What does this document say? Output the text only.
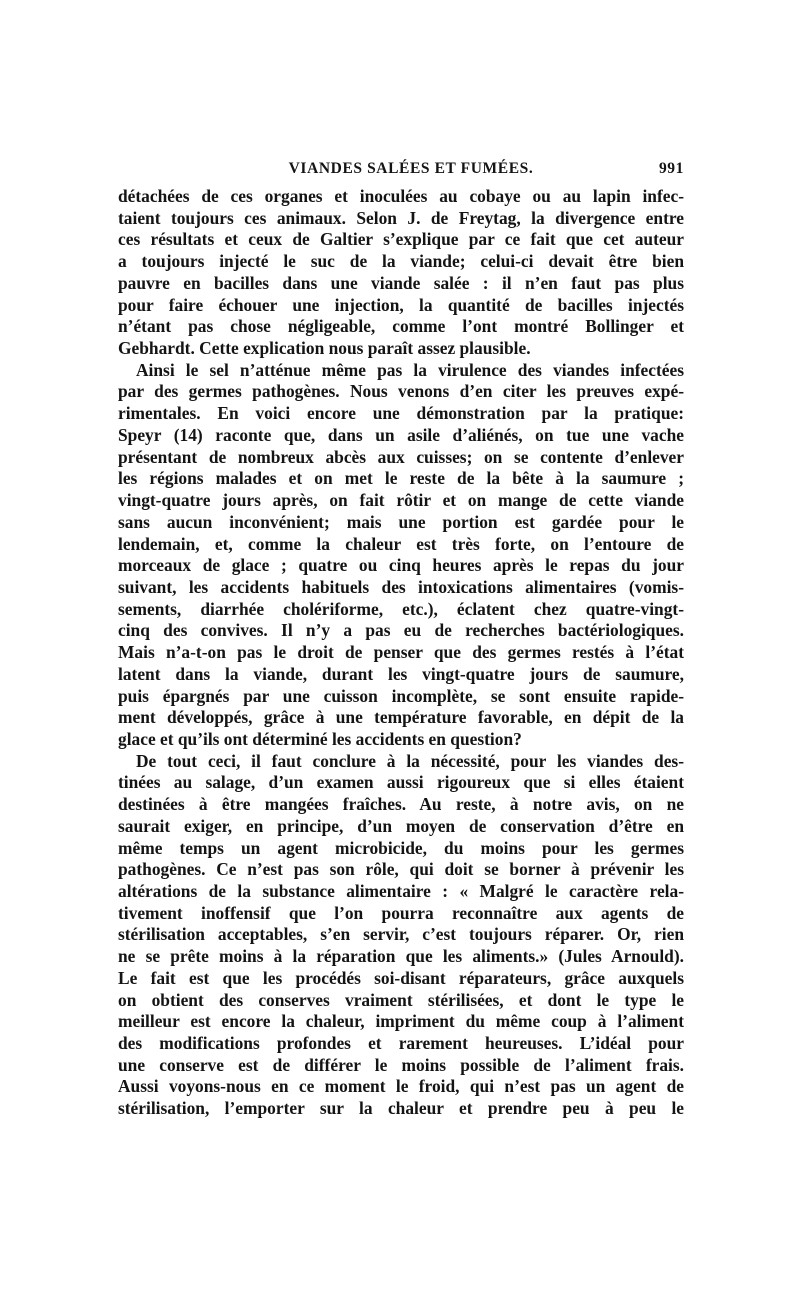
VIANDES SALÉES ET FUMÉES.	991
détachées de ces organes et inoculées au cobaye ou au lapin infec-
taient toujours ces animaux. Selon J. de Freytag, la divergence entre
ces résultats et ceux de Galtier s’explique par ce fait que cet auteur
a toujours injecté le suc de la viande; celui-ci devait être bien
pauvre en bacilles dans une viande salée : il n’en faut pas plus
pour faire échouer une injection, la quantité de bacilles injectés
n’étant pas chose négligeable, comme l’ont montré Bollinger et
Gebhardt. Cette explication nous paraît assez plausible.
Ainsi le sel n’atténue même pas la virulence des viandes infectées
par des germes pathogènes. Nous venons d’en citer les preuves expé-
rimentales. En voici encore une démonstration par la pratique:
Speyr (14) raconte que, dans un asile d’aliénés, on tue une vache
présentant de nombreux abcès aux cuisses; on se contente d’enlever
les régions malades et on met le reste de la bête à la saumure ;
vingt-quatre jours après, on fait rôtir et on mange de cette viande
sans aucun inconvénient; mais une portion est gardée pour le
lendemain, et, comme la chaleur est très forte, on l’entoure de
morceaux de glace ; quatre ou cinq heures après le repas du jour
suivant, les accidents habituels des intoxications alimentaires (vomis-
sements, diarrhée cholériforme, etc.), éclatent chez quatre-vingt-
cinq des convives. Il n’y a pas eu de recherches bactériologiques.
Mais n’a-t-on pas le droit de penser que des germes restés à l’état
latent dans la viande, durant les vingt-quatre jours de saumure,
puis épargnés par une cuisson incomplète, se sont ensuite rapide-
ment développés, grâce à une température favorable, en dépit de la
glace et qu’ils ont déterminé les accidents en question?
De tout ceci, il faut conclure à la nécessité, pour les viandes des-
tinées au salage, d’un examen aussi rigoureux que si elles étaient
destinées à être mangées fraîches. Au reste, à notre avis, on ne
saurait exiger, en principe, d’un moyen de conservation d’être en
même temps un agent microbicide, du moins pour les germes
pathogènes. Ce n’est pas son rôle, qui doit se borner à prévenir les
altérations de la substance alimentaire : « Malgré le caractère rela-
tivement inoffensif que l’on pourra reconnaître aux agents de
stérilisation acceptables, s’en servir, c’est toujours réparer. Or, rien
ne se prête moins à la réparation que les aliments.» (Jules Arnould).
Le fait est que les procédés soi-disant réparateurs, grâce auxquels
on obtient des conserves vraiment stérilisées, et dont le type le
meilleur est encore la chaleur, impriment du même coup à l’aliment
des modifications profondes et rarement heureuses. L’idéal pour
une conserve est de différer le moins possible de l’aliment frais.
Aussi voyons-nous en ce moment le froid, qui n’est pas un agent de
stérilisation, l’emporter sur la chaleur et prendre peu à peu le
